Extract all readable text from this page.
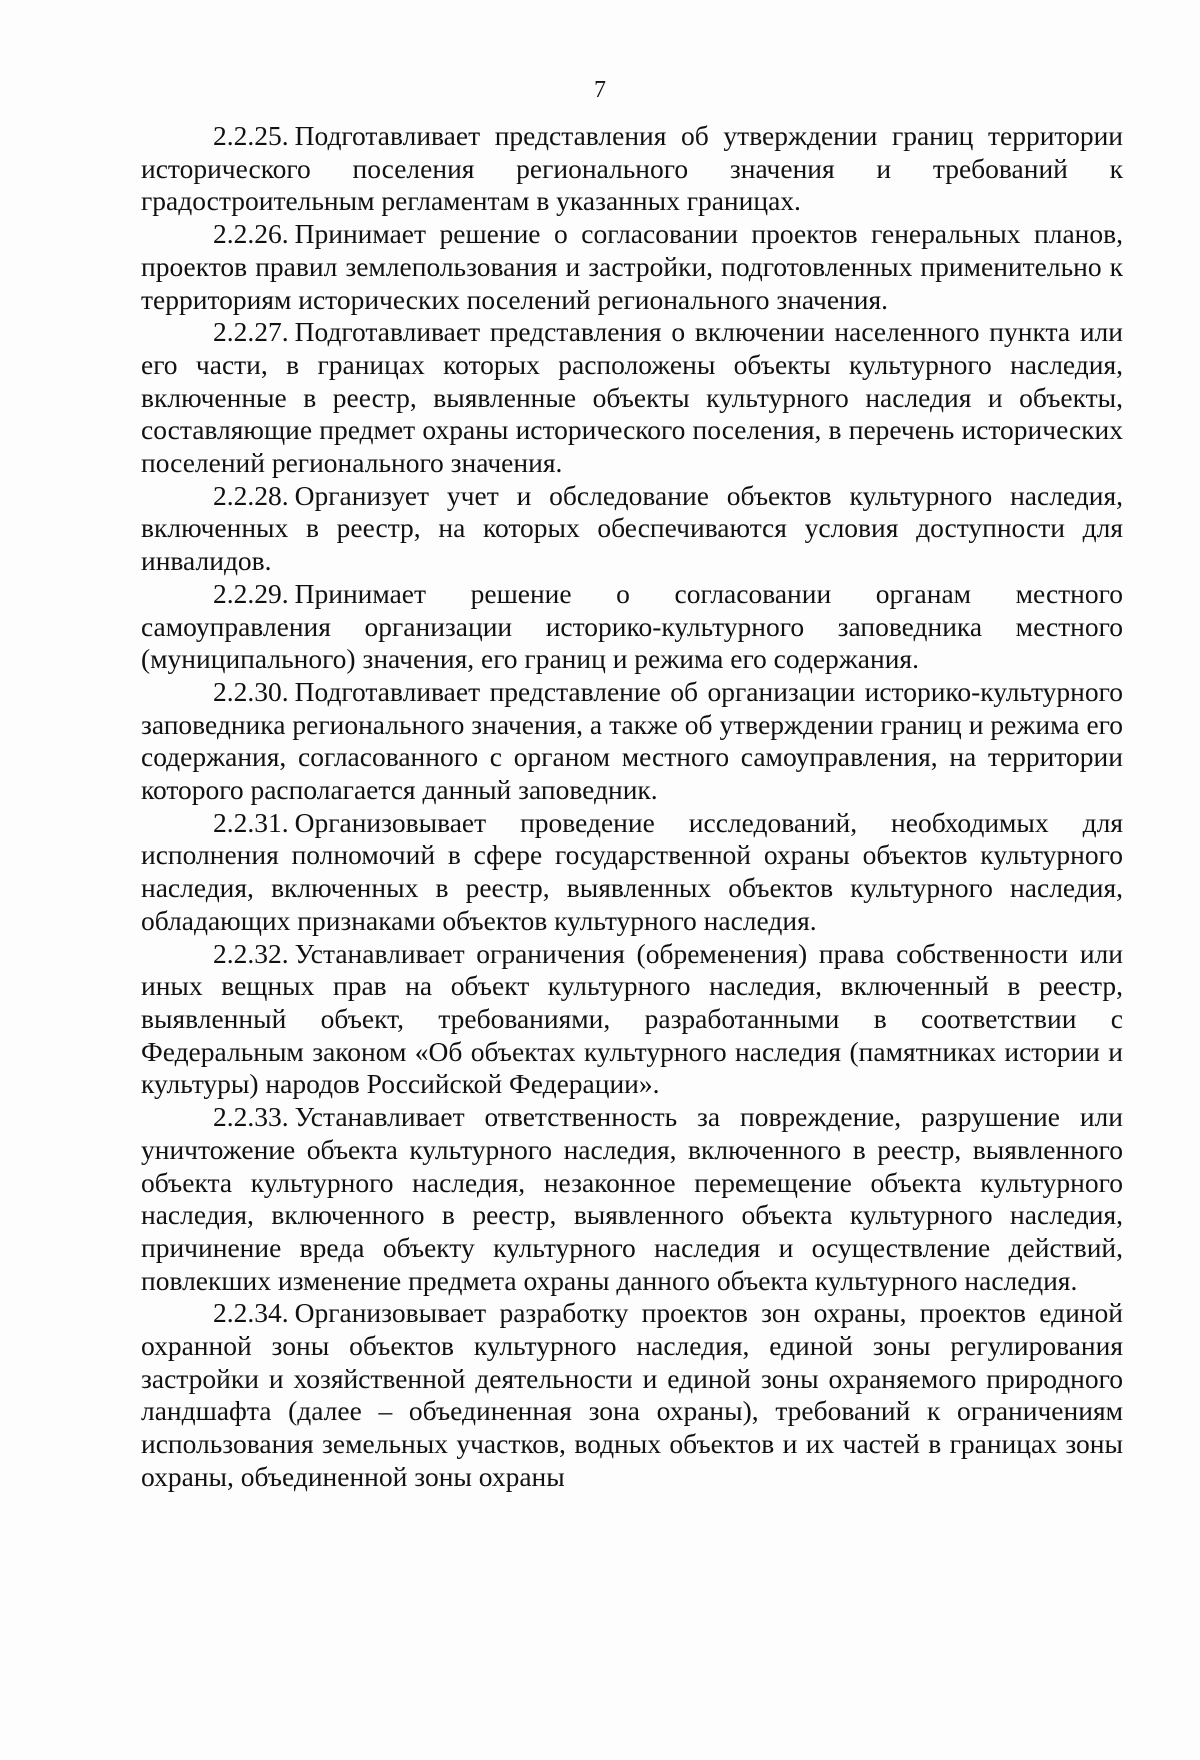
7

2.2.25. Подготавливает представления об утверждении границ территории исторического поселения регионального значения и требований к градостроительным регламентам в указанных границах.

2.2.26. Принимает решение о согласовании проектов генеральных планов, проектов правил землепользования и застройки, подготовленных применительно к территориям исторических поселений регионального значения.

2.2.27. Подготавливает представления о включении населенного пункта или его части, в границах которых расположены объекты культурного наследия, включенные в реестр, выявленные объекты культурного наследия и объекты, составляющие предмет охраны исторического поселения, в перечень исторических поселений регионального значения.

2.2.28. Организует учет и обследование объектов культурного наследия, включенных в реестр, на которых обеспечиваются условия доступности для инвалидов.

2.2.29. Принимает решение о согласовании органам местного самоуправления организации историко-культурного заповедника местного (муниципального) значения, его границ и режима его содержания.

2.2.30. Подготавливает представление об организации историко-культурного заповедника регионального значения, а также об утверждении границ и режима его содержания, согласованного с органом местного самоуправления, на территории которого располагается данный заповедник.

2.2.31. Организовывает проведение исследований, необходимых для исполнения полномочий в сфере государственной охраны объектов культурного наследия, включенных в реестр, выявленных объектов культурного наследия, обладающих признаками объектов культурного наследия.

2.2.32. Устанавливает ограничения (обременения) права собственности или иных вещных прав на объект культурного наследия, включенный в реестр, выявленный объект, требованиями, разработанными в соответствии с Федеральным законом «Об объектах культурного наследия (памятниках истории и культуры) народов Российской Федерации».

2.2.33. Устанавливает ответственность за повреждение, разрушение или уничтожение объекта культурного наследия, включенного в реестр, выявленного объекта культурного наследия, незаконное перемещение объекта культурного наследия, включенного в реестр, выявленного объекта культурного наследия, причинение вреда объекту культурного наследия и осуществление действий, повлекших изменение предмета охраны данного объекта культурного наследия.

2.2.34. Организовывает разработку проектов зон охраны, проектов единой охранной зоны объектов культурного наследия, единой зоны регулирования застройки и хозяйственной деятельности и единой зоны охраняемого природного ландшафта (далее – объединенная зона охраны), требований к ограничениям использования земельных участков, водных объектов и их частей в границах зоны охраны, объединенной зоны охраны
